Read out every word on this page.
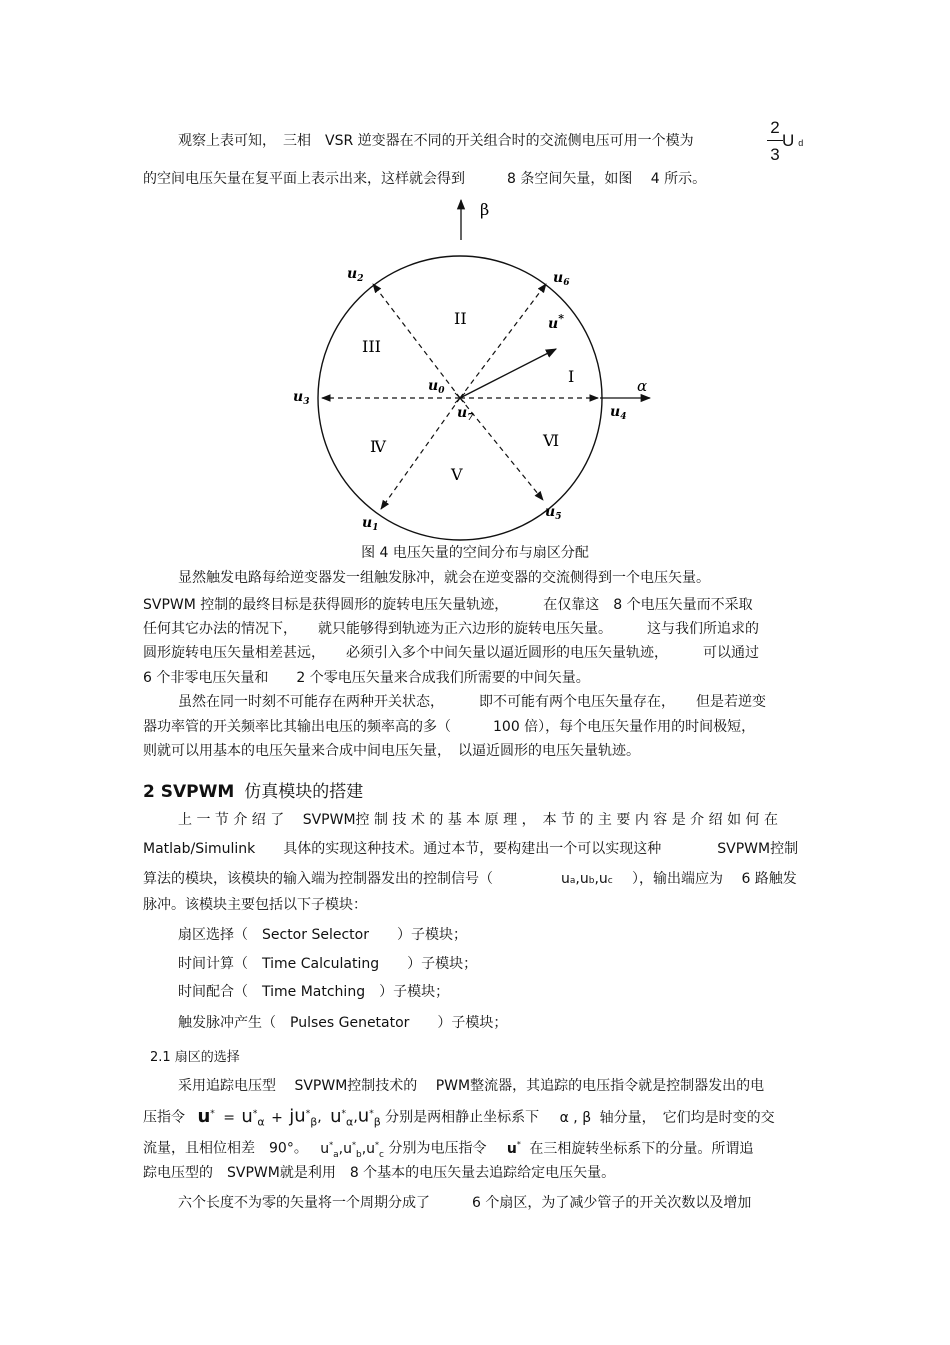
观察上表可知，　三相　VSR 逆变器在不同的开关组合时的交流侧电压可用一个模为
2
3
Ud
的空间电压矢量在复平面上表示出来，这样就会得到　　　8 条空间矢量，如图　 4 所示。
β
α
I
II
III
Ⅳ
V
Ⅵ
$u_1$
$u_2$
$u_3$
$u_4$
$u_5$
$u_6$
$u_0$
$u_7$
u*
图 4 电压矢量的空间分布与扇区分配
显然触发电路每给逆变器发一组触发脉冲，就会在逆变器的交流侧得到一个电压矢量。
SVPWM 控制的最终目标是获得圆形的旋转电压矢量轨迹，　　　在仅靠这　8 个电压矢量而不采取
任何其它办法的情况下，　　就只能够得到轨迹为正六边形的旋转电压矢量。　　　这与我们所追求的
圆形旋转电压矢量相差甚远，　　必须引入多个中间矢量以逼近圆形的电压矢量轨迹，　　　可以通过
6 个非零电压矢量和　　2 个零电压矢量来合成我们所需要的中间矢量。
虽然在同一时刻不可能存在两种开关状态，　　　即不可能有两个电压矢量存在，　　但是若逆变
器功率管的开关频率比其输出电压的频率高的多（　　　100 倍），每个电压矢量作用的时间极短，
则就可以用基本的电压矢量来合成中间电压矢量，　以逼近圆形的电压矢量轨迹。
2 SVPWM 仿真模块的搭建
上 一 节 介 绍 了　 SVPWM控 制 技 术 的 基 本 原 理 ，　本 节 的 主 要 内 容 是 介 绍 如 何 在
Matlab/Simulink　　具体的实现这种技术。通过本节，要构建出一个可以实现这种　　　　SVPWM控制
算法的模块，该模块的输入端为控制器发出的控制信号（	ua,ub,uc ），输出端应为　 6 路触发
脉冲。该模块主要包括以下子模块：
扇区选择（　Sector Selector　　）子模块；
时间计算（　Time Calculating　　）子模块；
时间配合（　Time Matching　）子模块；
触发脉冲产生（　Pulses Genetator　　）子模块；
2.1 扇区的选择
采用追踪电压型　 SVPWM控制技术的　 PWM整流器，其追踪的电压指令就是控制器发出的电
压指令 $u^* = u^*_\alpha + ju^*_\beta$, $u^*_\alpha,u^*_\beta$ 分别是两相静止坐标系下 α , β 轴分量，　它们均是时变的交
流量，且相位相差　90°。 $u^*_a,u^*_b,u^*_c$ 分别为电压指令 u* 在三相旋转坐标系下的分量。所谓追
踪电压型的　SVPWM就是利用　8 个基本的电压矢量去追踪给定电压矢量。
六个长度不为零的矢量将一个周期分成了　　　6 个扇区，为了减少管子的开关次数以及增加
